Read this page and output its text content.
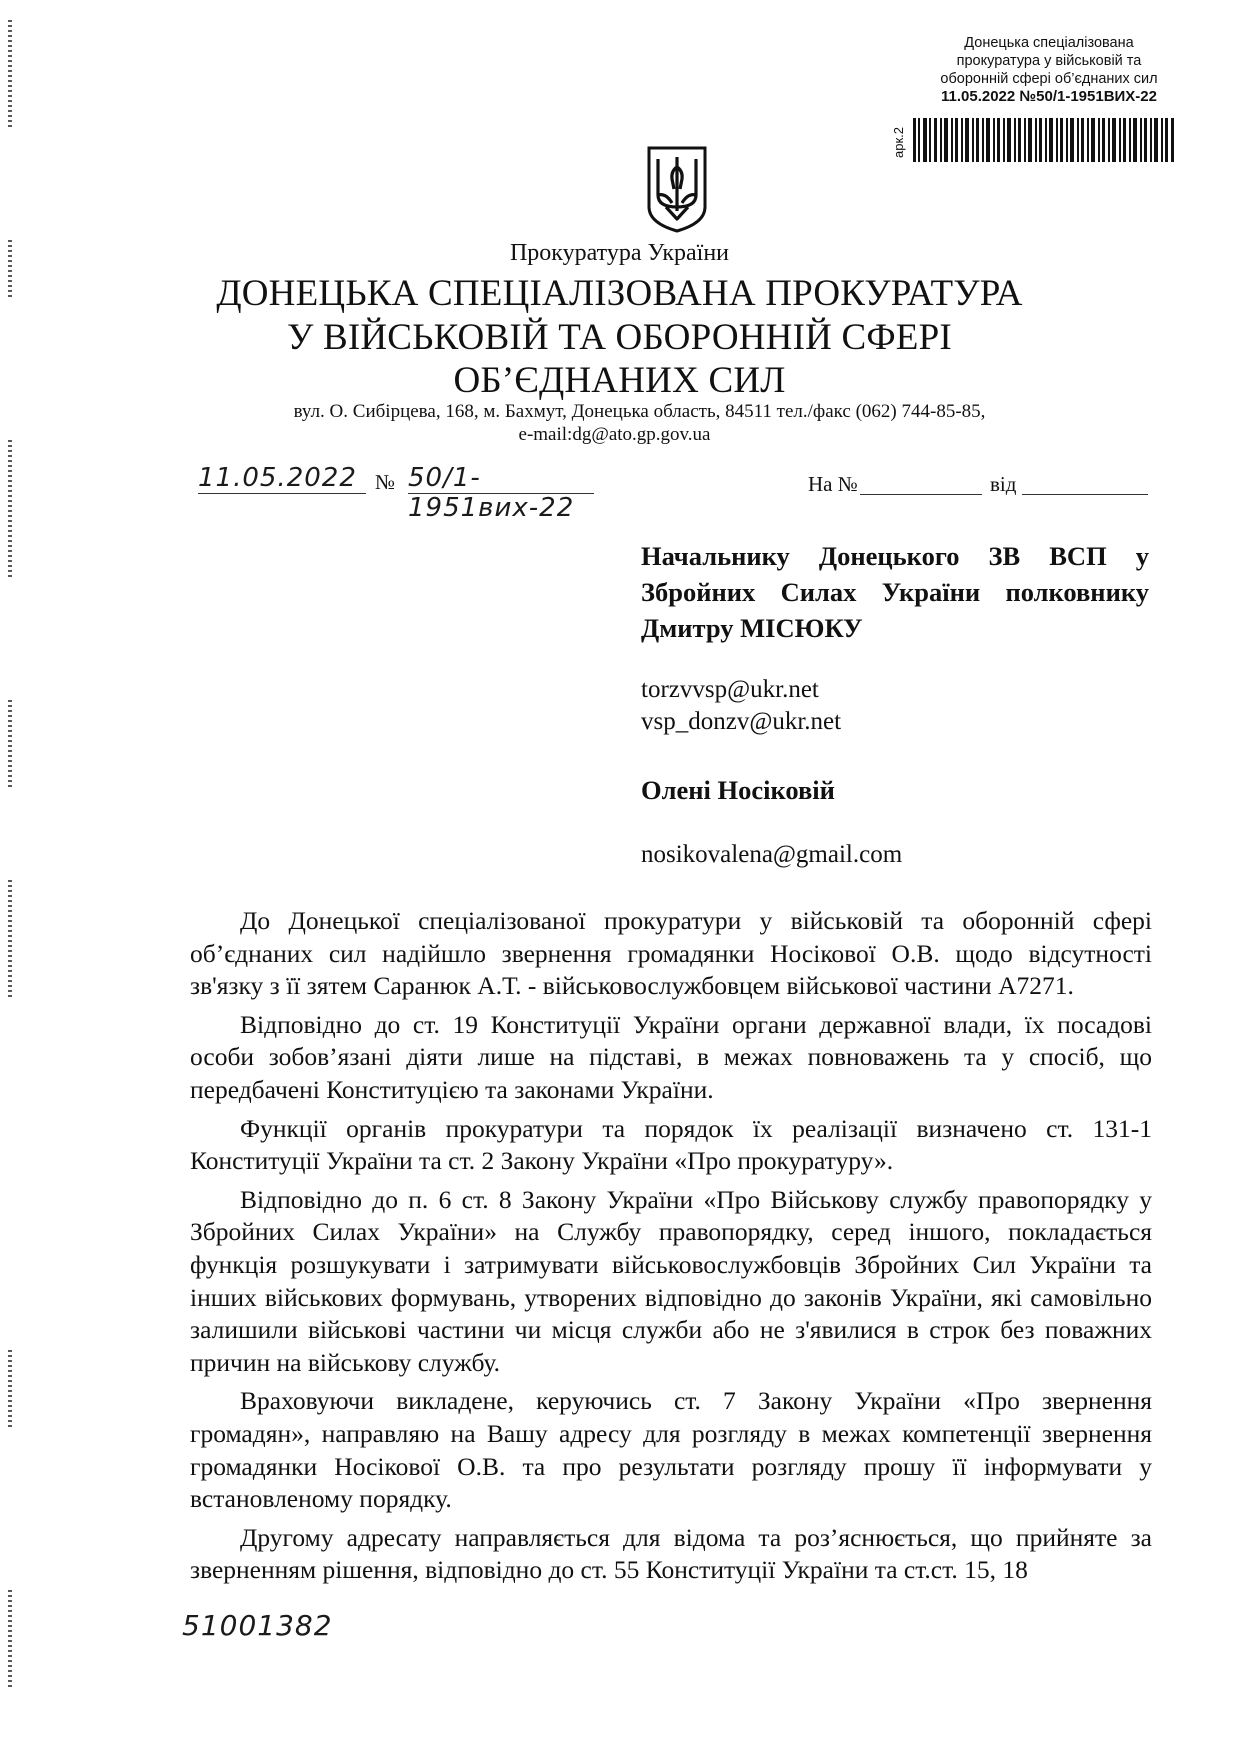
Донецька спеціалізована
прокуратура у військовій та
оборонній сфері об’єднаних сил
11.05.2022 №50/1-1951ВИХ-22
арк.2
Прокуратура України
ДОНЕЦЬКА СПЕЦІАЛІЗОВАНА ПРОКУРАТУРА
У ВІЙСЬКОВІЙ ТА ОБОРОННІЙ СФЕРІ
ОБ’ЄДНАНИХ СИЛ
вул. О. Сибірцева, 168, м. Бахмут, Донецька область, 84511 тел./факс (062) 744-85-85,
e-mail:dg@ato.gp.gov.ua
11.05.2022 № 50/1-1951вих-22
На №	від
Начальнику Донецького ЗВ ВСП у
Збройних Силах України полковнику
Дмитру МІСЮКУ
torzvvsp@ukr.net
vsp_donzv@ukr.net
Олені Носіковій
nosikovalena@gmail.com

До Донецької спеціалізованої прокуратури у військовій та оборонній сфері об’єднаних сил надійшло звернення громадянки Носікової О.В. щодо відсутності зв'язку з її зятем Саранюк А.Т. - військовослужбовцем військової частини А7271.

Відповідно до ст. 19 Конституції України органи державної влади, їх посадові особи зобов’язані діяти лише на підставі, в межах повноважень та у спосіб, що передбачені Конституцією та законами України.

Функції органів прокуратури та порядок їх реалізації визначено ст. 131-1 Конституції України та ст. 2 Закону України «Про прокуратуру».

Відповідно до п. 6 ст. 8 Закону України «Про Військову службу правопорядку у Збройних Силах України» на Службу правопорядку, серед іншого, покладається функція розшукувати і затримувати військовослужбовців Збройних Сил України та інших військових формувань, утворених відповідно до законів України, які самовільно залишили військові частини чи місця служби або не з'явилися в строк без поважних причин на військову службу.

Враховуючи викладене, керуючись ст. 7 Закону України «Про звернення громадян», направляю на Вашу адресу для розгляду в межах компетенції звернення громадянки Носікової О.В. та про результати розгляду прошу її інформувати у встановленому порядку.

Другому адресату направляється для відома та роз’яснюється, що прийняте за зверненням рішення, відповідно до ст. 55 Конституції України та ст.ст. 15, 18

51001382
